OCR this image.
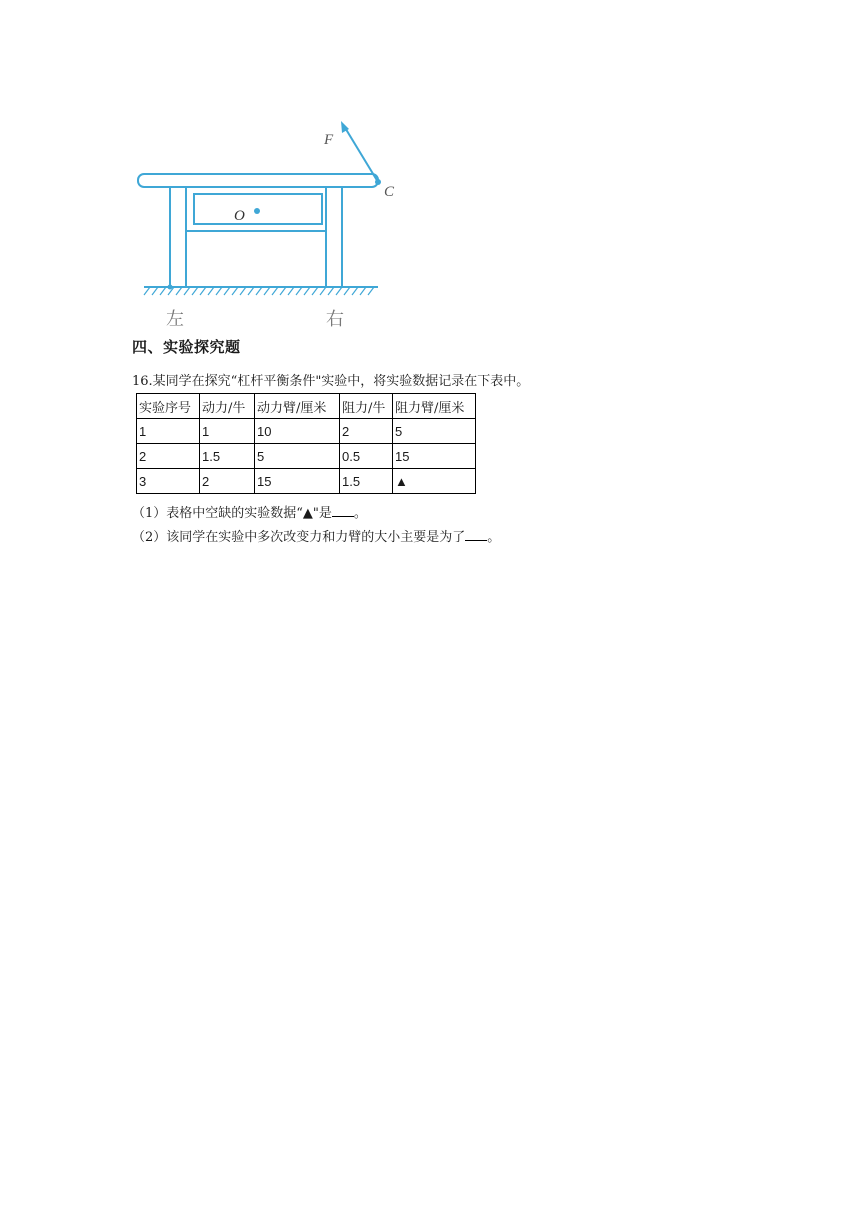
F
C
O
左	右
四、实验探究题
16.某同学在探究“杠杆平衡条件"实验中，将实验数据记录在下表中。
实验序号	动力/牛	动力臂/厘米	阻力/牛	阻力臂/厘米
1	1	10	2	5
2	1.5	5	0.5	15
3	2	15	1.5	▲
（1）表格中空缺的实验数据“▲"是 。
（2）该同学在实验中多次改变力和力臂的大小主要是为了 。
